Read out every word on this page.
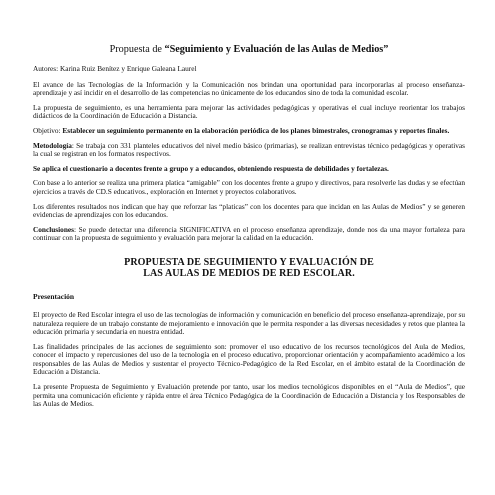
Propuesta de “Seguimiento y Evaluación de las Aulas de Medios”

Autores: Karina Ruiz Benítez y Enrique Galeana Laurel

El avance de las Tecnologías de la Información y la Comunicación nos brindan una oportunidad para incorporarlas al proceso enseñanza-aprendizaje y así incidir en el desarrollo de las competencias no únicamente de los educandos sino de toda la comunidad escolar.

La propuesta de seguimiento, es una herramienta para mejorar las actividades pedagógicas y operativas el cual incluye reorientar los trabajos didácticos de la Coordinación de Educación a Distancia.

Objetivo: Establecer un seguimiento permanente en la elaboración periódica de los planes bimestrales, cronogramas y reportes finales.

Metodología: Se trabaja con 331 planteles educativos del nivel medio básico (primarias), se realizan entrevistas técnico pedagógicas y operativas la cual se registran en los formatos respectivos.

Se aplica el cuestionario a docentes frente a grupo y a educandos, obteniendo respuesta de debilidades y fortalezas.

Con base a lo anterior se realiza una primera platica “amigable” con los docentes frente a grupo y directivos, para resolverle las dudas y se efectúan ejercicios a través de CD.S educativos., exploración en Internet y proyectos colaborativos.

Los diferentes resultados nos indican que hay que reforzar las “platicas” con los docentes para que incidan en las Aulas de Medios” y se generen evidencias de aprendizajes con los educandos.

Conclusiones: Se puede detectar una diferencia SIGNIFICATIVA en el proceso enseñanza aprendizaje, donde nos da una mayor fortaleza para continuar con la propuesta de seguimiento y evaluación para mejorar la calidad en la educación.

PROPUESTA DE SEGUIMIENTO Y EVALUACIÓN DE
LAS AULAS DE MEDIOS DE RED ESCOLAR.
Presentación

El proyecto de Red Escolar integra el uso de las tecnologías de información y comunicación en beneficio del proceso enseñanza-aprendizaje, por su naturaleza requiere de un trabajo constante de mejoramiento e innovación que le permita responder a las diversas necesidades y retos que plantea la educación primaria y secundaria en nuestra entidad.

Las finalidades principales de las acciones de seguimiento son: promover el uso educativo de los recursos tecnológicos del Aula de Medios, conocer el impacto y repercusiones del uso de la tecnología en el proceso educativo, proporcionar orientación y acompañamiento académico a los responsables de las Aulas de Medios y sustentar el proyecto Técnico-Pedagógico de la Red Escolar, en el ámbito estatal de la Coordinación de Educación a Distancia.

La presente Propuesta de Seguimiento y Evaluación pretende por tanto, usar los medios tecnológicos disponibles en el “Aula de Medios”, que permita una comunicación eficiente y rápida entre el área Técnico Pedagógica de la Coordinación de Educación a Distancia y los Responsables de las Aulas de Medios.
